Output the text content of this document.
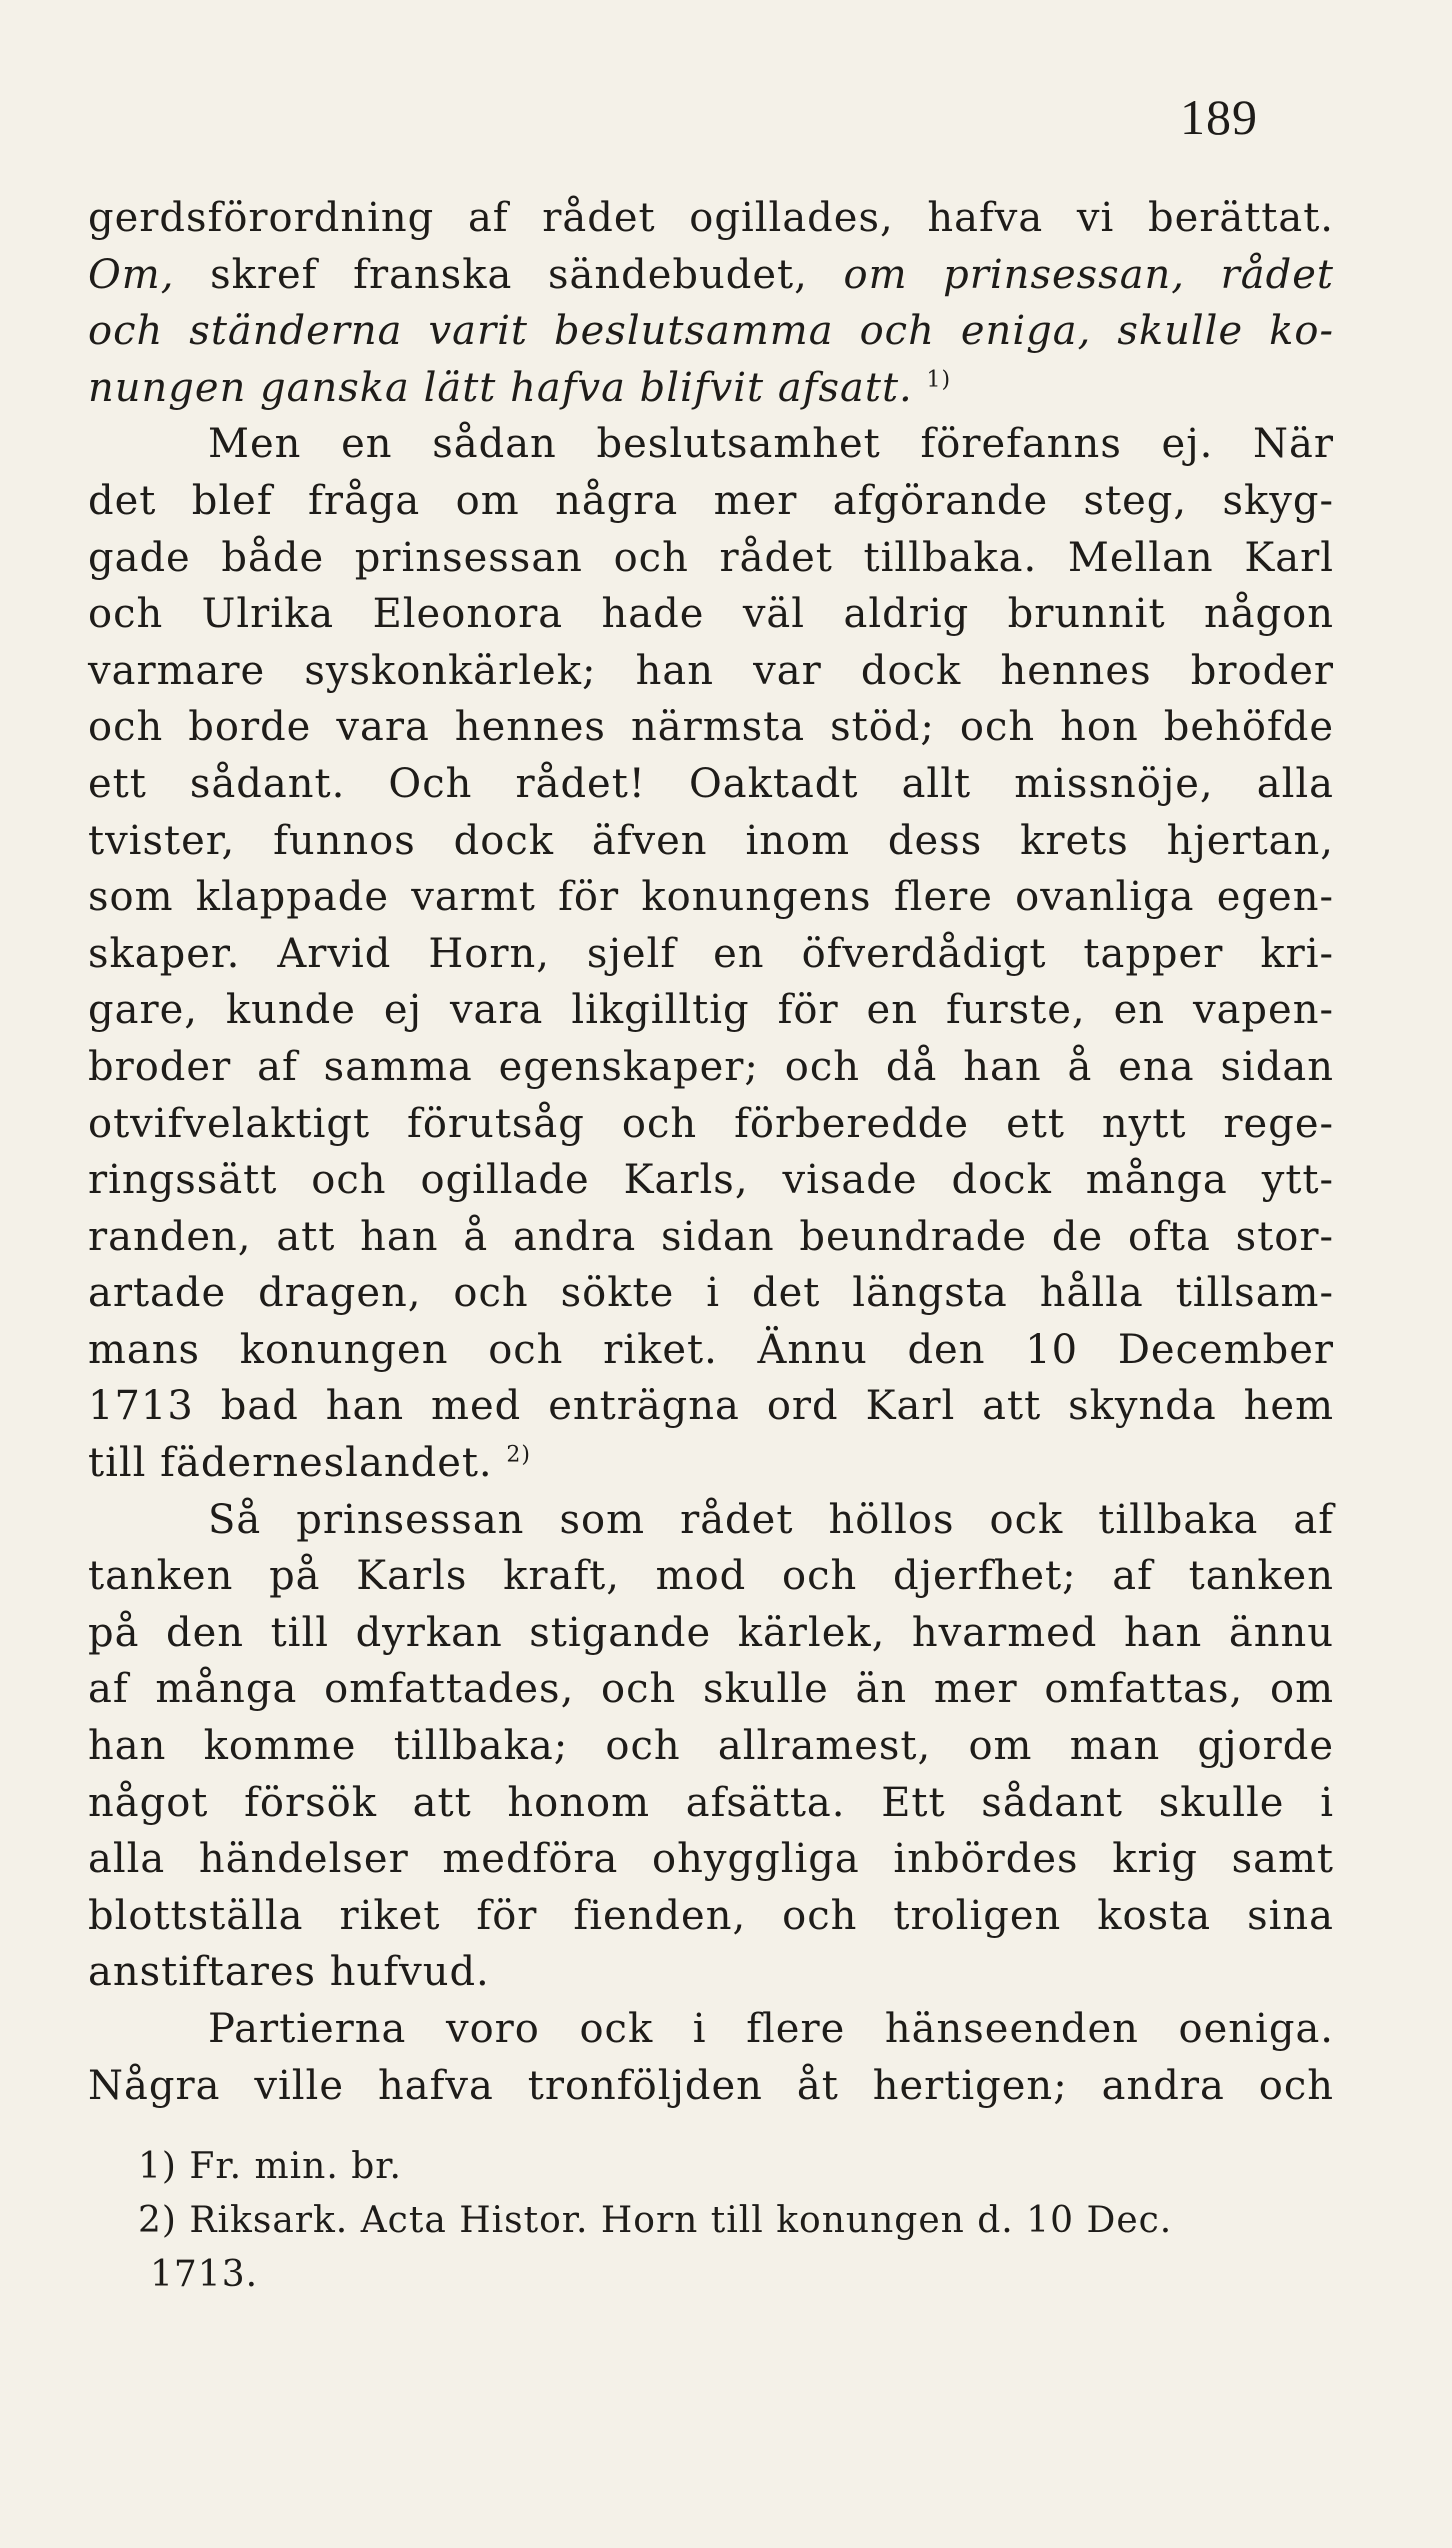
189
gerdsförordning af rådet ogillades, hafva vi berättat.
Om, skref franska sändebudet, om prinsessan, rådet
och ständerna varit beslutsamma och eniga, skulle ko-
nungen ganska lätt hafva blifvit afsatt. $^{1)}$
Men en sådan beslutsamhet förefanns ej. När
det blef fråga om några mer afgörande steg, skyg-
gade både prinsessan och rådet tillbaka. Mellan Karl
och Ulrika Eleonora hade väl aldrig brunnit någon
varmare syskonkärlek; han var dock hennes broder
och borde vara hennes närmsta stöd; och hon behöfde
ett sådant. Och rådet! Oaktadt allt missnöje, alla
tvister, funnos dock äfven inom dess krets hjertan,
som klappade varmt för konungens flere ovanliga egen-
skaper. Arvid Horn, sjelf en öfverdådigt tapper kri-
gare, kunde ej vara likgilltig för en furste, en vapen-
broder af samma egenskaper; och då han å ena sidan
otvifvelaktigt förutsåg och förberedde ett nytt rege-
ringssätt och ogillade Karls, visade dock många ytt-
randen, att han å andra sidan beundrade de ofta stor-
artade dragen, och sökte i det längsta hålla tillsam-
mans konungen och riket. Ännu den 10 December
1713 bad han med enträgna ord Karl att skynda hem
till fäderneslandet. $^{2)}$
Så prinsessan som rådet höllos ock tillbaka af
tanken på Karls kraft, mod och djerfhet; af tanken
på den till dyrkan stigande kärlek, hvarmed han ännu
af många omfattades, och skulle än mer omfattas, om
han komme tillbaka; och allramest, om man gjorde
något försök att honom afsätta. Ett sådant skulle i
alla händelser medföra ohyggliga inbördes krig samt
blottställa riket för fienden, och troligen kosta sina
anstiftares hufvud.
Partierna voro ock i flere hänseenden oeniga.
Några ville hafva tronföljden åt hertigen; andra och
1) Fr. min. br.
2) Riksark. Acta Histor. Horn till konungen d. 10 Dec.
1713.
